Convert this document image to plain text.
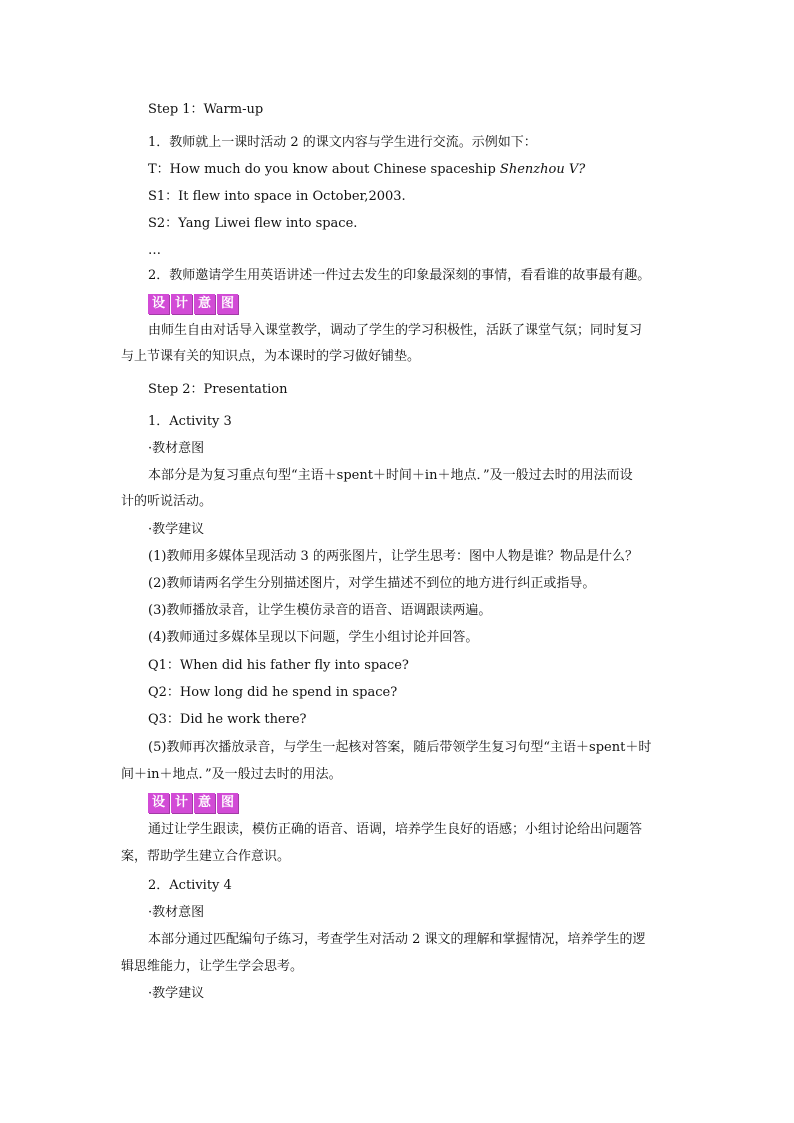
Step 1：Warm-up
1．教师就上一课时活动 2 的课文内容与学生进行交流。示例如下：
T：How much do you know about Chinese spaceship Shenzhou V?
S1：It flew into space in October,2003.
S2：Yang Liwei flew into space.
…
2．教师邀请学生用英语讲述一件过去发生的印象最深刻的事情，看看谁的故事最有趣。
设 计 意 图
由师生自由对话导入课堂教学，调动了学生的学习积极性，活跃了课堂气氛；同时复习
与上节课有关的知识点，为本课时的学习做好铺垫。
Step 2：Presentation
1．Activity 3
·教材意图
本部分是为复习重点句型“主语＋spent＋时间＋in＋地点．”及一般过去时的用法而设
计的听说活动。
·教学建议
(1)教师用多媒体呈现活动 3 的两张图片，让学生思考：图中人物是谁？物品是什么？
(2)教师请两名学生分别描述图片，对学生描述不到位的地方进行纠正或指导。
(3)教师播放录音，让学生模仿录音的语音、语调跟读两遍。
(4)教师通过多媒体呈现以下问题，学生小组讨论并回答。
Q1：When did his father fly into space?
Q2：How long did he spend in space?
Q3：Did he work there?
(5)教师再次播放录音，与学生一起核对答案，随后带领学生复习句型“主语＋spent＋时
间＋in＋地点．”及一般过去时的用法。
设 计 意 图
通过让学生跟读，模仿正确的语音、语调，培养学生良好的语感；小组讨论给出问题答
案，帮助学生建立合作意识。
2．Activity 4
·教材意图
本部分通过匹配编句子练习，考查学生对活动 2 课文的理解和掌握情况，培养学生的逻
辑思维能力，让学生学会思考。
·教学建议
